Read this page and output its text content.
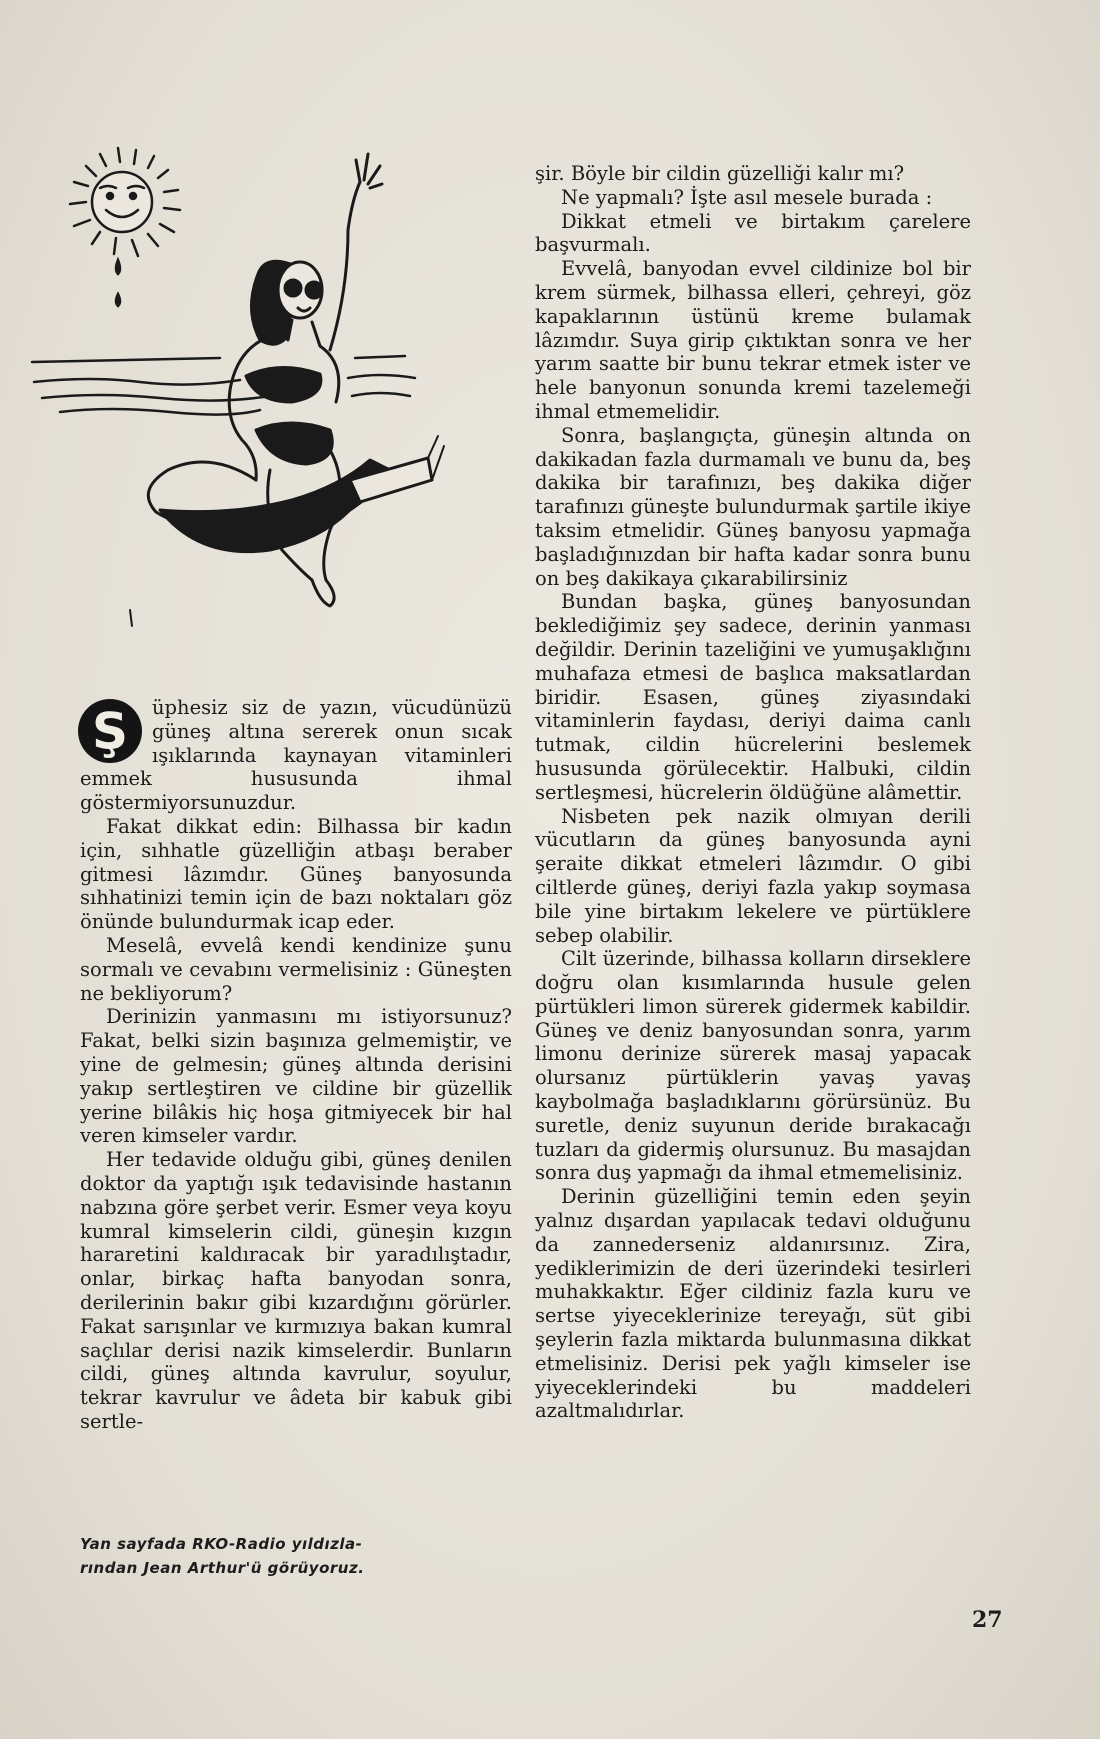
Ş	üphesiz siz de yazın, vücudünüzü güneş altına sererek onun sıcak ışıklarında kaynayan vitaminleri emmek hususunda ihmal göstermiyorsunuzdur.

Fakat dikkat edin: Bilhassa bir kadın için, sıhhatle güzelliğin atbaşı beraber gitmesi lâzımdır. Güneş banyosunda sıhhatinizi temin için de bazı noktaları göz önünde bulundurmak icap eder.

Meselâ, evvelâ kendi kendinize şunu sormalı ve cevabını vermelisiniz : Güneşten ne bekliyorum?

Derinizin yanmasını mı istiyorsunuz? Fakat, belki sizin başınıza gelmemiştir, ve yine de gelmesin; güneş altında derisini yakıp sertleştiren ve cildine bir güzellik yerine bilâkis hiç hoşa gitmiyecek bir hal veren kimseler vardır.

Her tedavide olduğu gibi, güneş denilen doktor da yaptığı ışık tedavisinde hastanın nabzına göre şerbet verir. Esmer veya koyu kumral kimselerin cildi, güneşin kızgın hararetini kaldıracak bir yaradılıştadır, onlar, birkaç hafta banyodan sonra, derilerinin bakır gibi kızardığını görürler. Fakat sarışınlar ve kırmızıya bakan kumral saçlılar derisi nazik kimselerdir. Bunların cildi, güneş altında kavrulur, soyulur, tekrar kavrulur ve âdeta bir kabuk gibi sertle-

şir. Böyle bir cildin güzelliği kalır mı?

Ne yapmalı? İşte asıl mesele burada :

Dikkat etmeli ve birtakım çarelere başvurmalı.

Evvelâ, banyodan evvel cildinize bol bir krem sürmek, bilhassa elleri, çehreyi, göz kapaklarının üstünü kreme bulamak lâzımdır. Suya girip çıktıktan sonra ve her yarım saatte bir bunu tekrar etmek ister ve hele banyonun sonunda kremi tazelemeği ihmal etmemelidir.

Sonra, başlangıçta, güneşin altında on dakikadan fazla durmamalı ve bunu da, beş dakika bir tarafınızı, beş dakika diğer tarafınızı güneşte bulundurmak şartile ikiye taksim etmelidir. Güneş banyosu yapmağa başladığınızdan bir hafta kadar sonra bunu on beş dakikaya çıkarabilirsiniz

Bundan başka, güneş banyosundan beklediğimiz şey sadece, derinin yanması değildir. Derinin tazeliğini ve yumuşaklığını muhafaza etmesi de başlıca maksatlardan biridir. Esasen, güneş ziyasındaki vitaminlerin faydası, deriyi daima canlı tutmak, cildin hücrelerini beslemek hususunda görülecektir. Halbuki, cildin sertleşmesi, hücrelerin öldüğüne alâmettir.

Nisbeten pek nazik olmıyan derili vücutların da güneş banyosunda ayni şeraite dikkat etmeleri lâzımdır. O gibi ciltlerde güneş, deriyi fazla yakıp soymasa bile yine birtakım lekelere ve pürtüklere sebep olabilir.

Cilt üzerinde, bilhassa kolların dirseklere doğru olan kısımlarında husule gelen pürtükleri limon sürerek gidermek kabildir. Güneş ve deniz banyosundan sonra, yarım limonu derinize sürerek masaj yapacak olursanız pürtüklerin yavaş yavaş kaybolmağa başladıklarını görürsünüz. Bu suretle, deniz suyunun deride bırakacağı tuzları da gidermiş olursunuz. Bu masajdan sonra duş yapmağı da ihmal etmemelisiniz.

Derinin güzelliğini temin eden şeyin yalnız dışardan yapılacak tedavi olduğunu da zannederseniz aldanırsınız. Zira, yediklerimizin de deri üzerindeki tesirleri muhakkaktır. Eğer cildiniz fazla kuru ve sertse yiyeceklerinize tereyağı, süt gibi şeylerin fazla miktarda bulunmasına dikkat etmelisiniz. Derisi pek yağlı kimseler ise yiyeceklerindeki bu maddeleri azaltmalıdırlar.

Yan sayfada RKO-Radio yıldızla-
rından Jean Arthur'ü görüyoruz.
27
